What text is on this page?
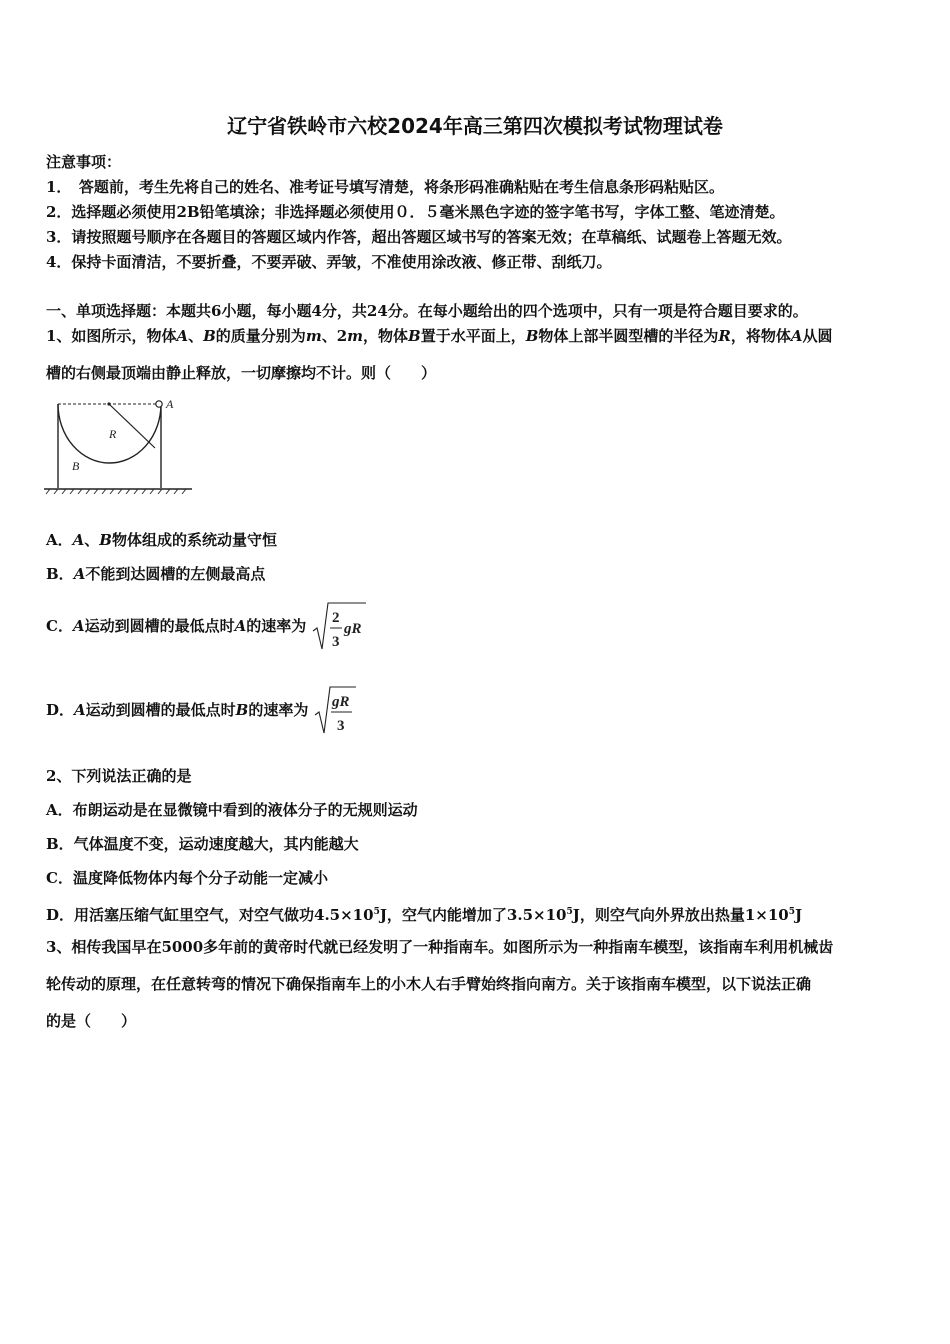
辽宁省铁岭市六校2024年高三第四次模拟考试物理试卷
注意事项：
1．　答题前，考生先将自己的姓名、准考证号填写清楚，将条形码准确粘贴在考生信息条形码粘贴区。
2．选择题必须使用2B铅笔填涂；非选择题必须使用０．５毫米黑色字迹的签字笔书写，字体工整、笔迹清楚。
3．请按照题号顺序在各题目的答题区域内作答，超出答题区域书写的答案无效；在草稿纸、试题卷上答题无效。
4．保持卡面清洁，不要折叠，不要弄破、弄皱，不准使用涂改液、修正带、刮纸刀。
一、单项选择题：本题共6小题，每小题4分，共24分。在每小题给出的四个选项中，只有一项是符合题目要求的。
1、如图所示，物体A、B的质量分别为m、2m，物体B置于水平面上，B物体上部半圆型槽的半径为R，将物体A从圆
槽的右侧最顶端由静止释放，一切摩擦均不计。则（　　）
A
R
B
A．A、B物体组成的系统动量守恒
B．A不能到达圆槽的左侧最高点
C．A运动到圆槽的最低点时A的速率为 2
3
gR
D．A运动到圆槽的最低点时B的速率为 gR
3
2、下列说法正确的是
A．布朗运动是在显微镜中看到的液体分子的无规则运动
B．气体温度不变，运动速度越大，其内能越大
C．温度降低物体内每个分子动能一定减小
D．用活塞压缩气缸里空气，对空气做功$4.5\times 10^5J$，空气内能增加了$3.5\times 10^5J$，则空气向外界放出热量$1\times 10^5J$
3、相传我国早在5000多年前的黄帝时代就已经发明了一种指南车。如图所示为一种指南车模型，该指南车利用机械齿
轮传动的原理，在任意转弯的情况下确保指南车上的小木人右手臂始终指向南方。关于该指南车模型，以下说法正确
的是（　　）
